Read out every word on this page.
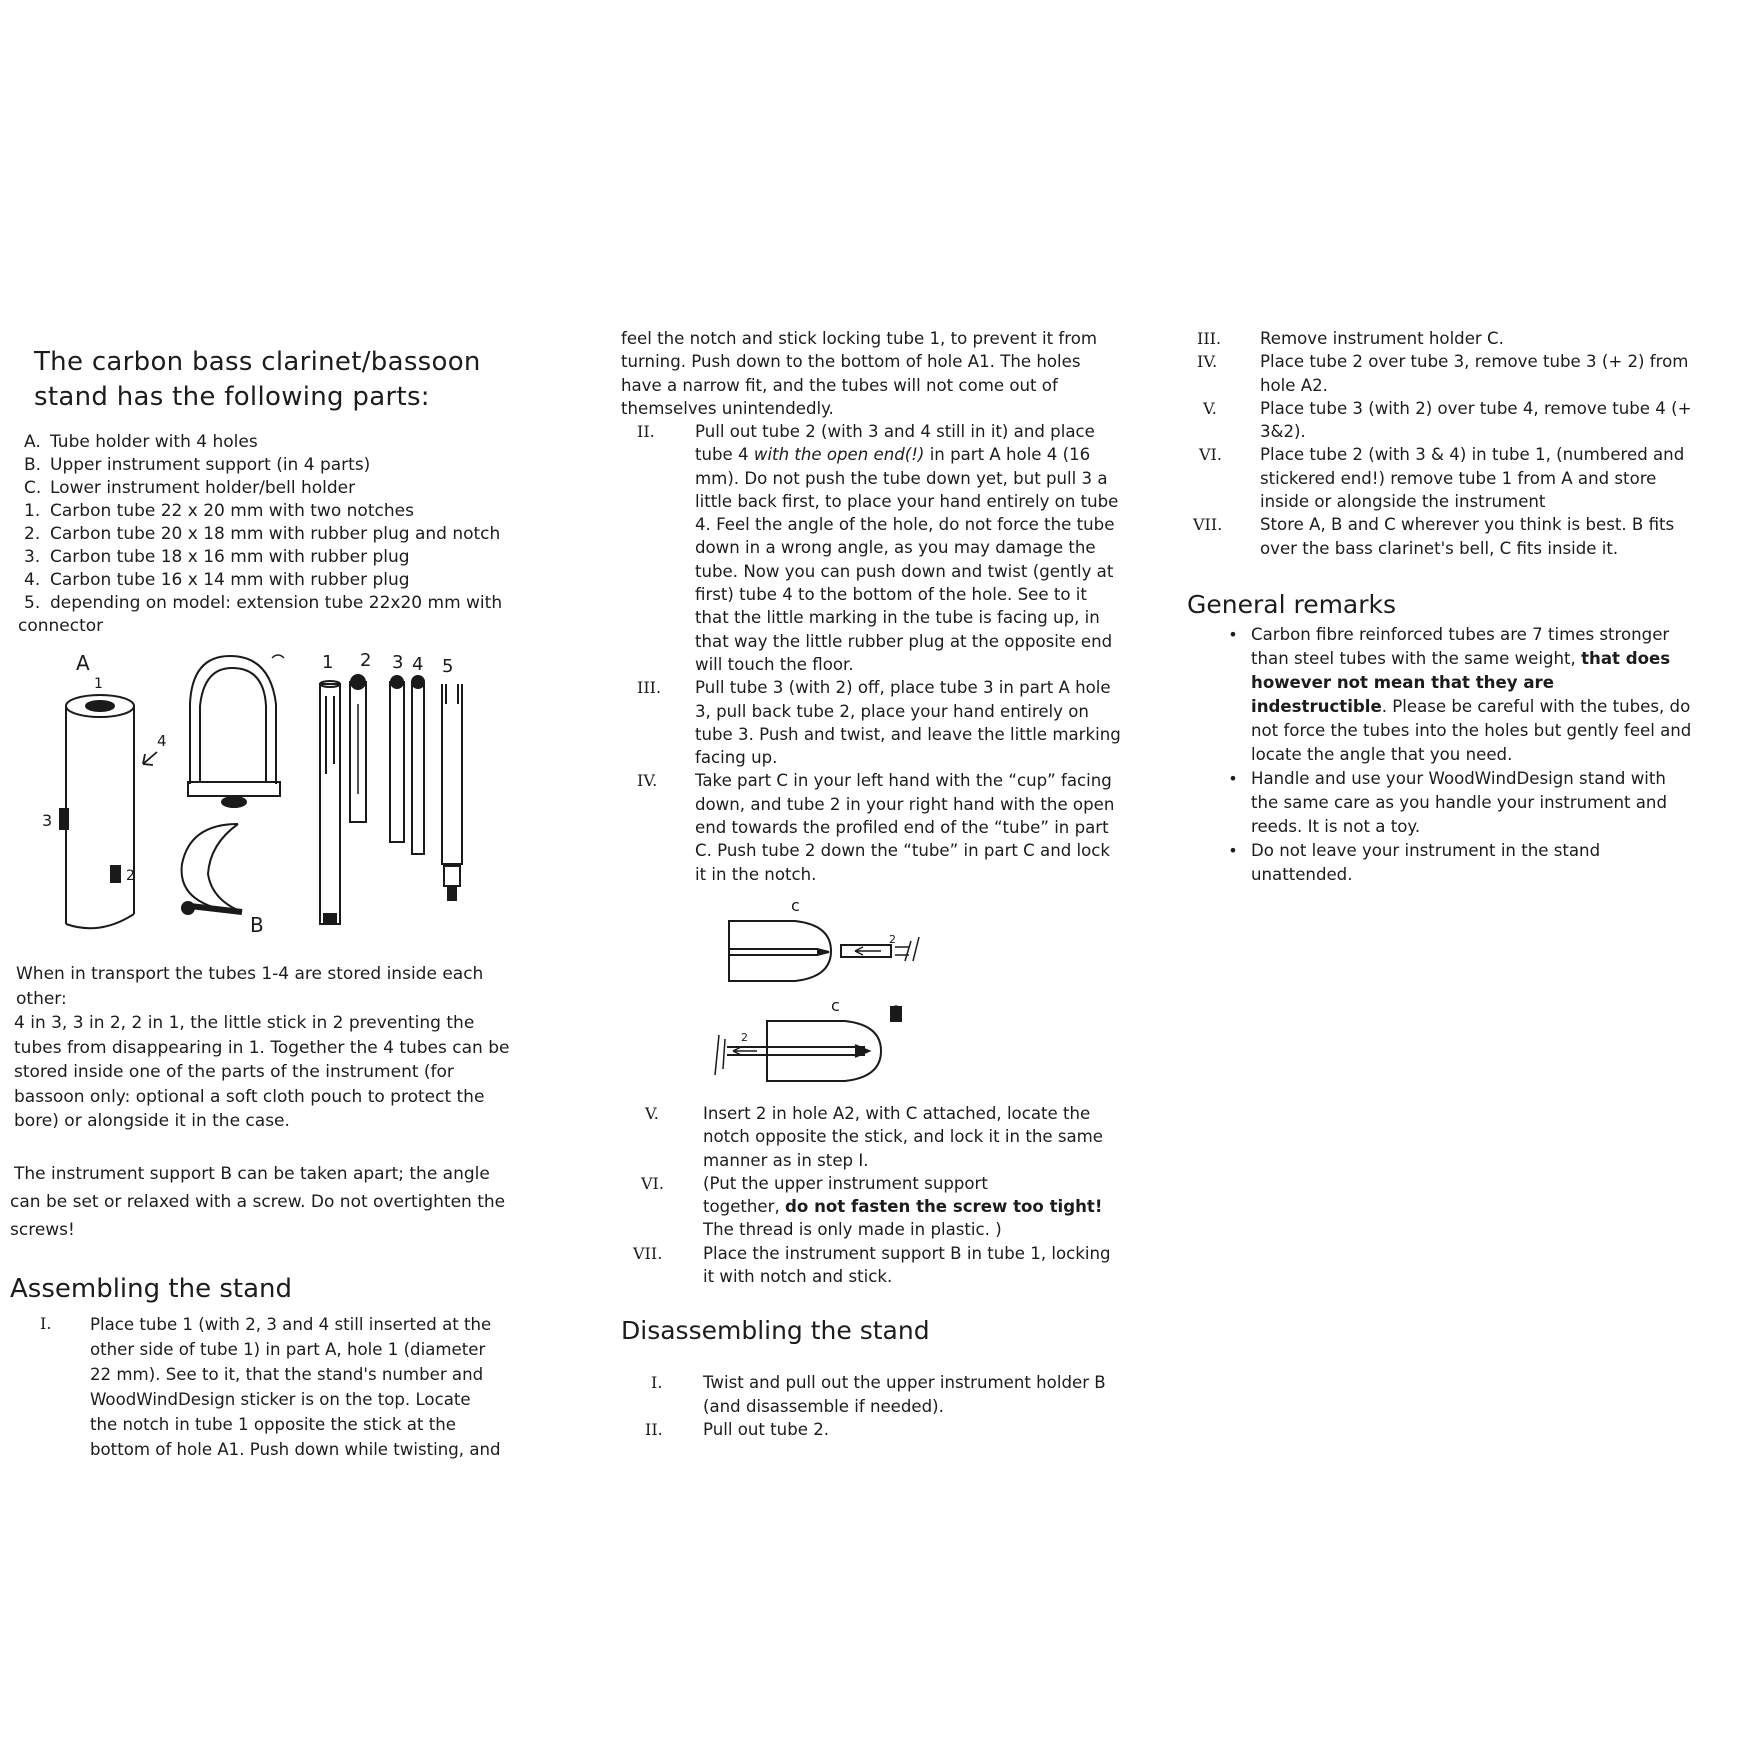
The carbon bass clarinet/bassoon
stand has the following parts:
A. Tube holder with 4 holes
B. Upper instrument support (in 4 parts)
C. Lower instrument holder/bell holder
1. Carbon tube 22 x 20 mm with two notches
2. Carbon tube 20 x 18 mm with rubber plug and notch
3. Carbon tube 18 x 16 mm with rubber plug
4. Carbon tube 16 x 14 mm with rubber plug
5. depending on model: extension tube 22x20 mm with
connector
A
1
2
3
4
B
1 2 3 4 5
When in transport the tubes 1-4 are stored inside each
other:
4 in 3, 3 in 2, 2 in 1, the little stick in 2 preventing the
tubes from disappearing in 1. Together the 4 tubes can be
stored inside one of the parts of the instrument (for
bassoon only: optional a soft cloth pouch to protect the
bore) or alongside it in the case.
The instrument support B can be taken apart; the angle
can be set or relaxed with a screw. Do not overtighten the
screws!
Assembling the stand
I.	Place tube 1 (with 2, 3 and 4 still inserted at the
other side of tube 1) in part A, hole 1 (diameter
22 mm). See to it, that the stand's number and
WoodWindDesign sticker is on the top. Locate
the notch in tube 1 opposite the stick at the
bottom of hole A1. Push down while twisting, and
feel the notch and stick locking tube 1, to prevent it from turning. Push down to the bottom of hole A1. The holes have a narrow fit, and the tubes will not come out of themselves unintendedly.
II.	Pull out tube 2 (with 3 and 4 still in it) and place tube 4 with the open end(!) in part A hole 4 (16 mm). Do not push the tube down yet, but pull 3 a little back first, to place your hand entirely on tube 4. Feel the angle of the hole, do not force the tube down in a wrong angle, as you may damage the tube. Now you can push down and twist (gently at first) tube 4 to the bottom of the hole. See to it that the little marking in the tube is facing up, in that way the little rubber plug at the opposite end will touch the floor.
III.	Pull tube 3 (with 2) off, place tube 3 in part A hole 3, pull back tube 2, place your hand entirely on tube 3. Push and twist, and leave the little marking facing up.
IV.	Take part C in your left hand with the “cup” facing down, and tube 2 in your right hand with the open end towards the profiled end of the “tube” in part C. Push tube 2 down the “tube” in part C and lock it in the notch.
c
2
c
2
V.	Insert 2 in hole A2, with C attached, locate the notch opposite the stick, and lock it in the same manner as in step I.
VI.	(Put the upper instrument support
together, do not fasten the screw too tight!
The thread is only made in plastic. )
VII.	Place the instrument support B in tube 1, locking it with notch and stick.
Disassembling the stand
I.	Twist and pull out the upper instrument holder B (and disassemble if needed).
II.	Pull out tube 2.
III.	Remove instrument holder C.
IV.	Place tube 2 over tube 3, remove tube 3 (+ 2) from hole A2.
V.	Place tube 3 (with 2) over tube 4, remove tube 4 (+ 3&2).
VI.	Place tube 2 (with 3 & 4) in tube 1, (numbered and stickered end!) remove tube 1 from A and store inside or alongside the instrument
VII.	Store A, B and C wherever you think is best. B fits over the bass clarinet's bell, C fits inside it.
General remarks
• Carbon fibre reinforced tubes are 7 times stronger than steel tubes with the same weight, that does however not mean that they are indestructible. Please be careful with the tubes, do not force the tubes into the holes but gently feel and locate the angle that you need.
• Handle and use your WoodWindDesign stand with the same care as you handle your instrument and reeds. It is not a toy.
• Do not leave your instrument in the stand unattended.
